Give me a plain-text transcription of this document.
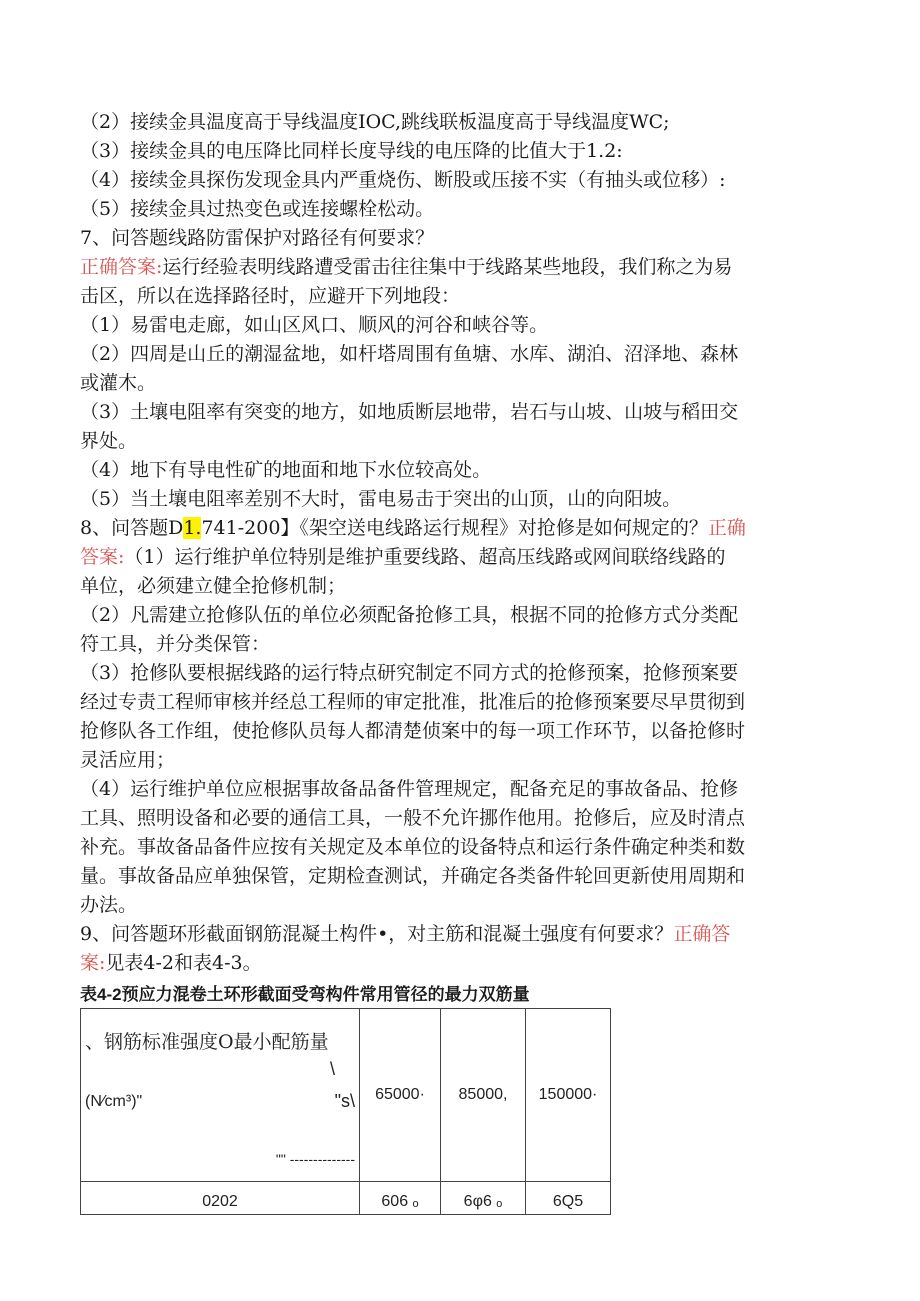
（2）接续金具温度高于导线温度IOC,跳线联板温度高于导线温度WC;
（3）接续金具的电压降比同样长度导线的电压降的比值大于1.2:
（4）接续金具探伤发现金具内严重烧伤、断股或压接不实（有抽头或位移）:
（5）接续金具过热变色或连接螺栓松动。
7、问答题线路防雷保护对路径有何要求？
正确答案:运行经验表明线路遭受雷击往往集中于线路某些地段，我们称之为易
击区，所以在选择路径时，应避开下列地段：
（1）易雷电走廊，如山区风口、顺风的河谷和峡谷等。
（2）四周是山丘的潮湿盆地，如杆塔周围有鱼塘、水库、湖泊、沼泽地、森林
或灌木。
（3）土壤电阻率有突变的地方，如地质断层地带，岩石与山坡、山坡与稻田交
界处。
（4）地下有导电性矿的地面和地下水位较高处。
（5）当土壤电阻率差别不大时，雷电易击于突出的山顶，山的向阳坡。
8、问答题D1.741-200】《架空送电线路运行规程》对抢修是如何规定的？正确
答案:（1）运行维护单位特别是维护重要线路、超高压线路或网间联络线路的
单位，必须建立健全抢修机制；
（2）凡需建立抢修队伍的单位必须配备抢修工具，根据不同的抢修方式分类配
符工具，并分类保管：
（3）抢修队要根据线路的运行特点研究制定不同方式的抢修预案，抢修预案要
经过专责工程师审核并经总工程师的审定批准，批准后的抢修预案要尽早贯彻到
抢修队各工作组，使抢修队员每人都清楚侦案中的每一项工作环节，以备抢修时
灵活应用；
（4）运行维护单位应根据事故备品备件管理规定，配备充足的事故备品、抢修
工具、照明设备和必要的通信工具，一般不允许挪作他用。抢修后，应及时清点
补充。事故备品备件应按有关规定及本单位的设备特点和运行条件确定种类和数
量。事故备品应单独保管，定期检查测试，并确定各类备件轮回更新使用周期和
办法。
9、问答题环形截面钢筋混凝土构件•，对主筋和混凝土强度有何要求？正确答
案:见表4-2和表4-3。
表4-2预应力混卷土环形截面受弯构件常用管径的最力双筋量
、钢筋标准强度O最小配筋量
\
(N∕cm³)" "s\
"" --------------	65000·	85000,	150000·

0202	606 ₒ	6φ6 ₒ	6Q5
